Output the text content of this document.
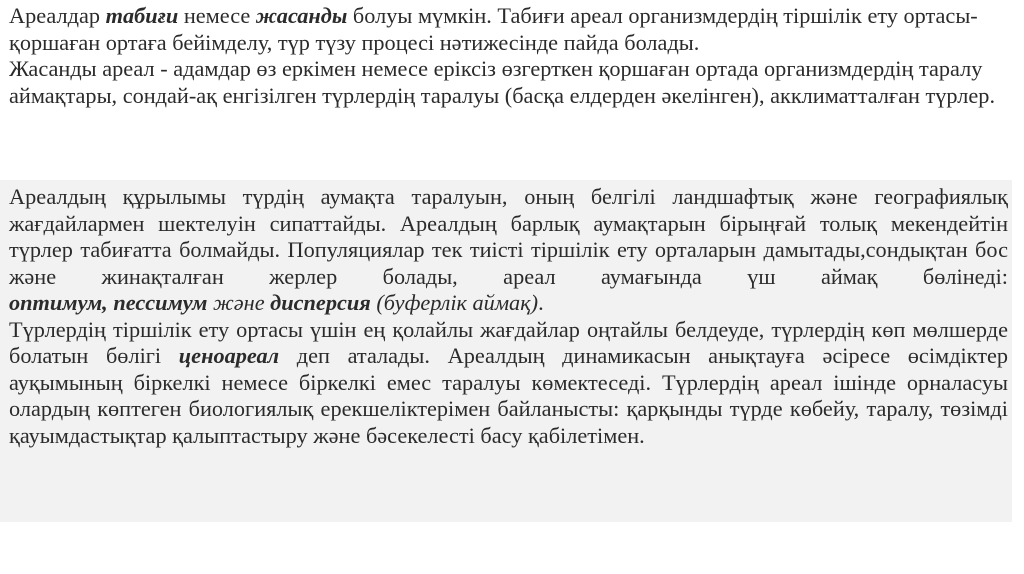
Ареалдар табиғи немесе жасанды болуы мүмкін. Табиғи ареал организмдердің тіршілік ету ортасы- қоршаған ортаға бейімделу, түр түзу процесі нәтижесінде пайда болады.

Жасанды ареал - адамдар өз еркімен немесе еріксіз өзгерткен қоршаған ортада организмдердің таралу аймақтары, сондай-ақ енгізілген түрлердің таралуы (басқа елдерден әкелінген), акклиматталған түрлер.

Ареалдың құрылымы түрдің аумақта таралуын, оның белгілі ландшафтық және географиялық жағдайлармен шектелуін сипаттайды. Ареалдың барлық аумақтарын бірыңғай толық мекендейтін түрлер табиғатта болмайды. Популяциялар тек тиісті тіршілік ету орталарын дамытады,сондықтан бос және жинақталған жерлер болады, ареал аумағында үш аймақ бөлінеді: оптимум, пессимум және дисперсия (буферлік аймақ).

Түрлердің тіршілік ету ортасы үшін ең қолайлы жағдайлар оңтайлы белдеуде, түрлердің көп мөлшерде болатын бөлігі ценоареал деп аталады. Ареалдың динамикасын анықтауға әсіресе өсімдіктер ауқымының біркелкі немесе біркелкі емес таралуы көмектеседі. Түрлердің ареал ішінде орналасуы олардың көптеген биологиялық ерекшеліктерімен байланысты: қарқынды түрде көбейу, таралу, төзімді қауымдастықтар қалыптастыру және бәсекелесті басу қабілетімен.
